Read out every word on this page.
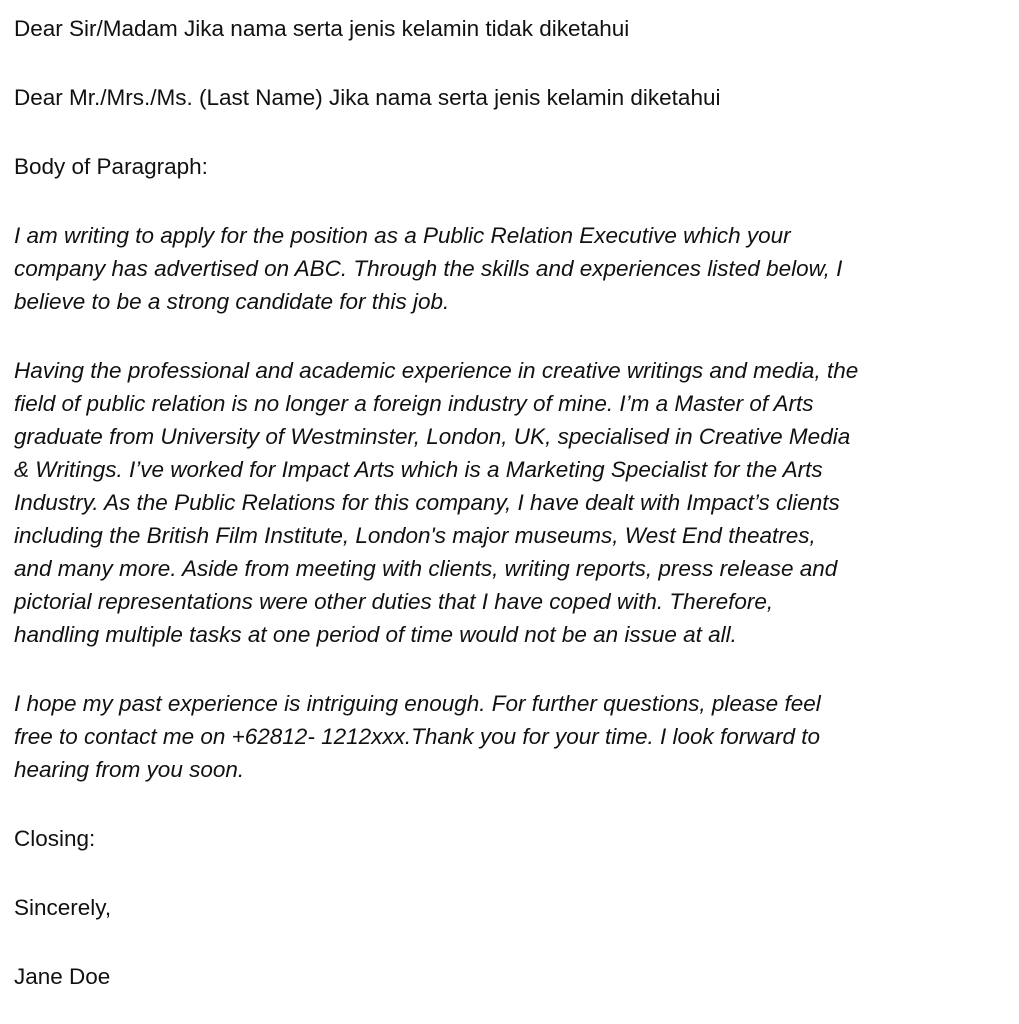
Dear Sir/Madam Jika nama serta jenis kelamin tidak diketahui

Dear Mr./Mrs./Ms. (Last Name) Jika nama serta jenis kelamin diketahui

Body of Paragraph:

I am writing to apply for the position as a Public Relation Executive which your

company has advertised on ABC. Through the skills and experiences listed below, I

believe to be a strong candidate for this job.

Having the professional and academic experience in creative writings and media, the

field of public relation is no longer a foreign industry of mine. I’m a Master of Arts

graduate from University of Westminster, London, UK, specialised in Creative Media

& Writings. I’ve worked for Impact Arts which is a Marketing Specialist for the Arts

Industry. As the Public Relations for this company, I have dealt with Impact’s clients

including the British Film Institute, London's major museums, West End theatres,

and many more. Aside from meeting with clients, writing reports, press release and

pictorial representations were other duties that I have coped with. Therefore,

handling multiple tasks at one period of time would not be an issue at all.

I hope my past experience is intriguing enough. For further questions, please feel

free to contact me on +62812- 1212xxx.Thank you for your time. I look forward to

hearing from you soon.

Closing:

Sincerely,

Jane Doe
